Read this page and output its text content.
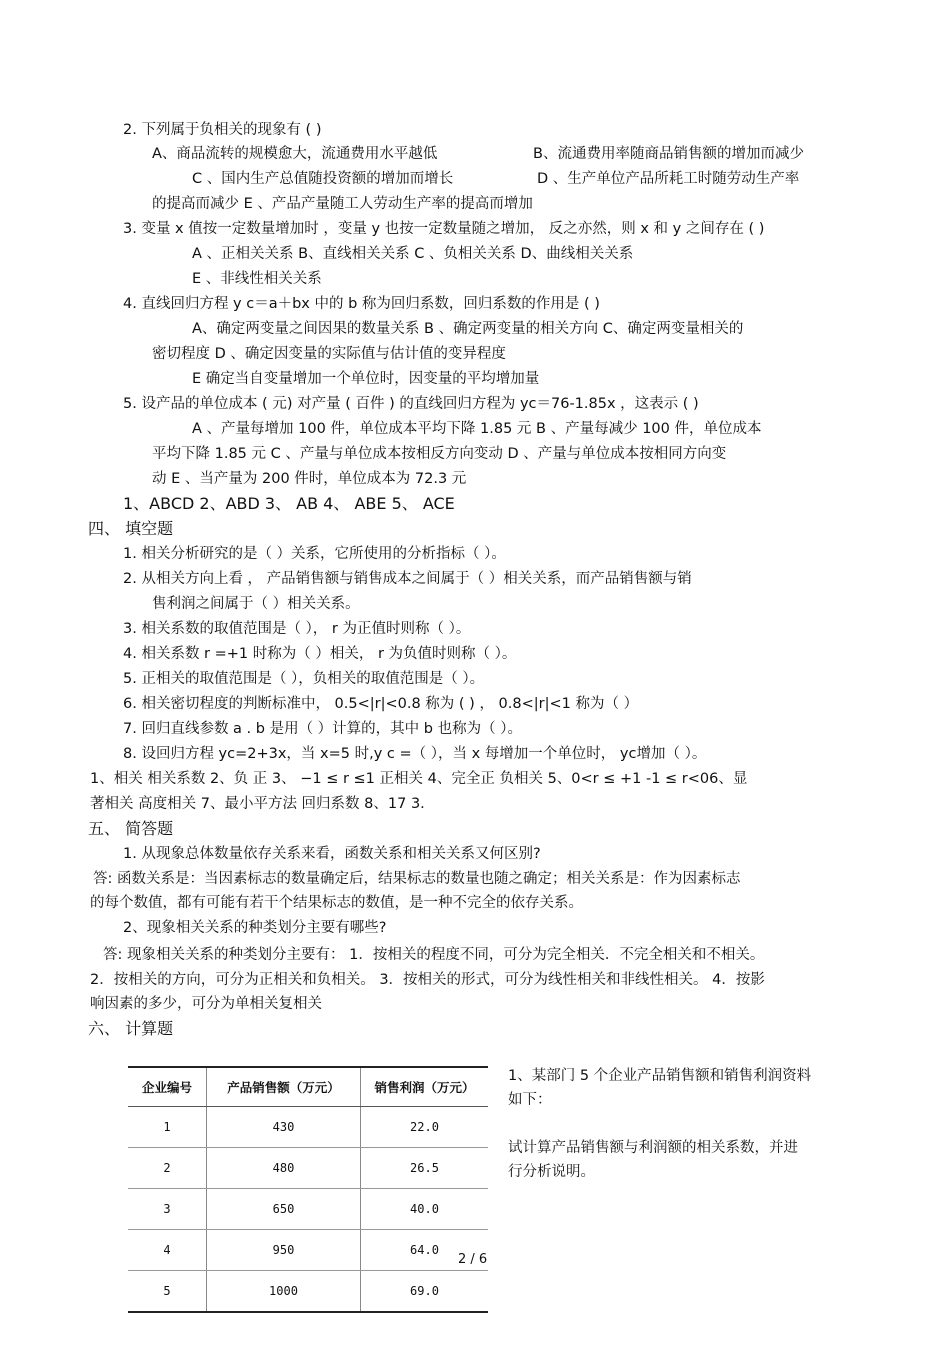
2. 下列属于负相关的现象有 ( )
A、商品流转的规模愈大，流通费用水平越低	B、流通费用率随商品销售额的增加而减少
C 、国内生产总值随投资额的增加而增长	D 、生产单位产品所耗工时随劳动生产率
的提高而减少 E 、产品产量随工人劳动生产率的提高而增加
3. 变量 x 值按一定数量增加时 ，变量 y 也按一定数量随之增加， 反之亦然，则 x 和 y 之间存在 ( )
A 、正相关关系 B、直线相关关系 C 、负相关关系 D、曲线相关关系
E 、非线性相关关系
4. 直线回归方程 y c＝a＋bx 中的 b 称为回归系数，回归系数的作用是 ( )
A、确定两变量之间因果的数量关系 B 、确定两变量的相关方向 C、确定两变量相关的
密切程度 D 、确定因变量的实际值与估计值的变异程度
E 确定当自变量增加一个单位时，因变量的平均增加量
5. 设产品的单位成本 ( 元) 对产量 ( 百件 ) 的直线回归方程为 yc＝76-1.85x ，这表示 ( )
A 、产量每增加 100 件，单位成本平均下降 1.85 元 B 、产量每减少 100 件，单位成本
平均下降 1.85 元 C 、产量与单位成本按相反方向变动 D 、产量与单位成本按相同方向变
动 E 、当产量为 200 件时，单位成本为 72.3 元
1、ABCD 2、ABD 3、 AB 4、 ABE 5、 ACE
四、 填空题
1. 相关分析研究的是（ ）关系，它所使用的分析指标（ ）。
2. 从相关方向上看 ， 产品销售额与销售成本之间属于（ ）相关关系，而产品销售额与销
售利润之间属于（ ）相关关系。
3. 相关系数的取值范围是（ ）， r 为正值时则称（ ）。
4. 相关系数 r =+1 时称为（ ）相关， r 为负值时则称（ ）。
5. 正相关的取值范围是（ ），负相关的取值范围是（ ）。
6. 相关密切程度的判断标准中， 0.5<|r|<0.8 称为 ( ) ， 0.8<|r|<1 称为（ ）
7. 回归直线参数 a . b 是用（ ）计算的，其中 b 也称为（ ）。
8. 设回归方程 yc=2+3x，当 x=5 时,y c =（ ），当 x 每增加一个单位时， yc增加（ ）。
1、相关 相关系数 2、负 正 3、 −1 ≤ r ≤1 正相关 4、完全正 负相关 5、0<r ≤ +1 -1 ≤ r<06、显
著相关 高度相关 7、最小平方法 回归系数 8、17 3.
五、 简答题
1. 从现象总体数量依存关系来看，函数关系和相关关系又何区别?
答: 函数关系是：当因素标志的数量确定后，结果标志的数量也随之确定；相关关系是：作为因素标志
的每个数值，都有可能有若干个结果标志的数值，是一种不完全的依存关系。
2、现象相关关系的种类划分主要有哪些?
答: 现象相关关系的种类划分主要有： 1．按相关的程度不同，可分为完全相关．不完全相关和不相关。
2．按相关的方向，可分为正相关和负相关。 3．按相关的形式，可分为线性相关和非线性相关。 4．按影
响因素的多少，可分为单相关复相关
六、 计算题
1、某部门 5 个企业产品销售额和销售利润资料
如下：
试计算产品销售额与利润额的相关系数，并进
行分析说明。
企业编号	产品销售额（万元）	销售利润（万元）
1	430	22.0
2	480	26.5
3	650	40.0
4	950	64.0
5	1000	69.0
2 / 6
